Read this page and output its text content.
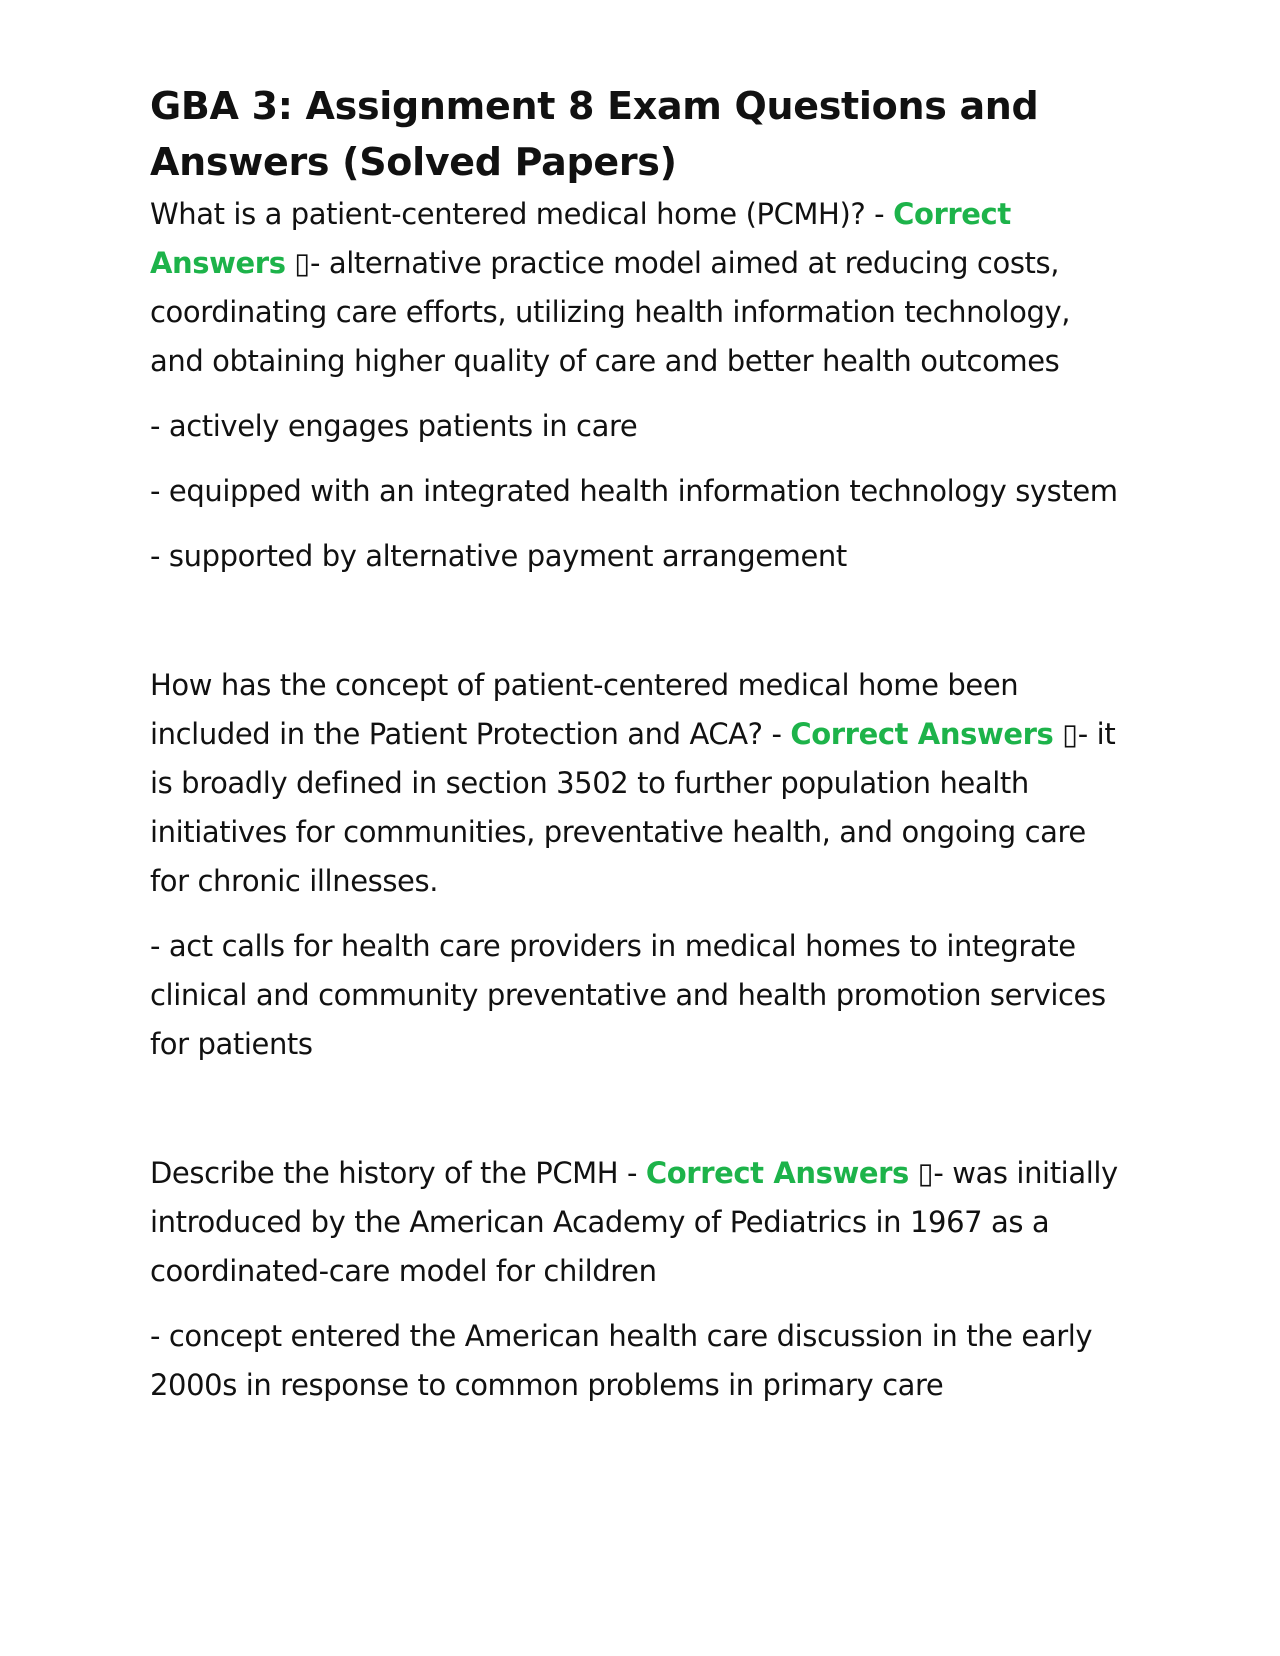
GBA 3: Assignment 8 Exam Questions and Answers (Solved Papers)

What is a patient-centered medical home (PCMH)? - Correct Answers ▯- alternative practice model aimed at reducing costs, coordinating care efforts, utilizing health information technology, and obtaining higher quality of care and better health outcomes

- actively engages patients in care

- equipped with an integrated health information technology system

- supported by alternative payment arrangement

How has the concept of patient-centered medical home been included in the Patient Protection and ACA? - Correct Answers ▯- it is broadly defined in section 3502 to further population health initiatives for communities, preventative health, and ongoing care for chronic illnesses.

- act calls for health care providers in medical homes to integrate clinical and community preventative and health promotion services for patients

Describe the history of the PCMH - Correct Answers ▯- was initially introduced by the American Academy of Pediatrics in 1967 as a coordinated-care model for children

- concept entered the American health care discussion in the early 2000s in response to common problems in primary care
